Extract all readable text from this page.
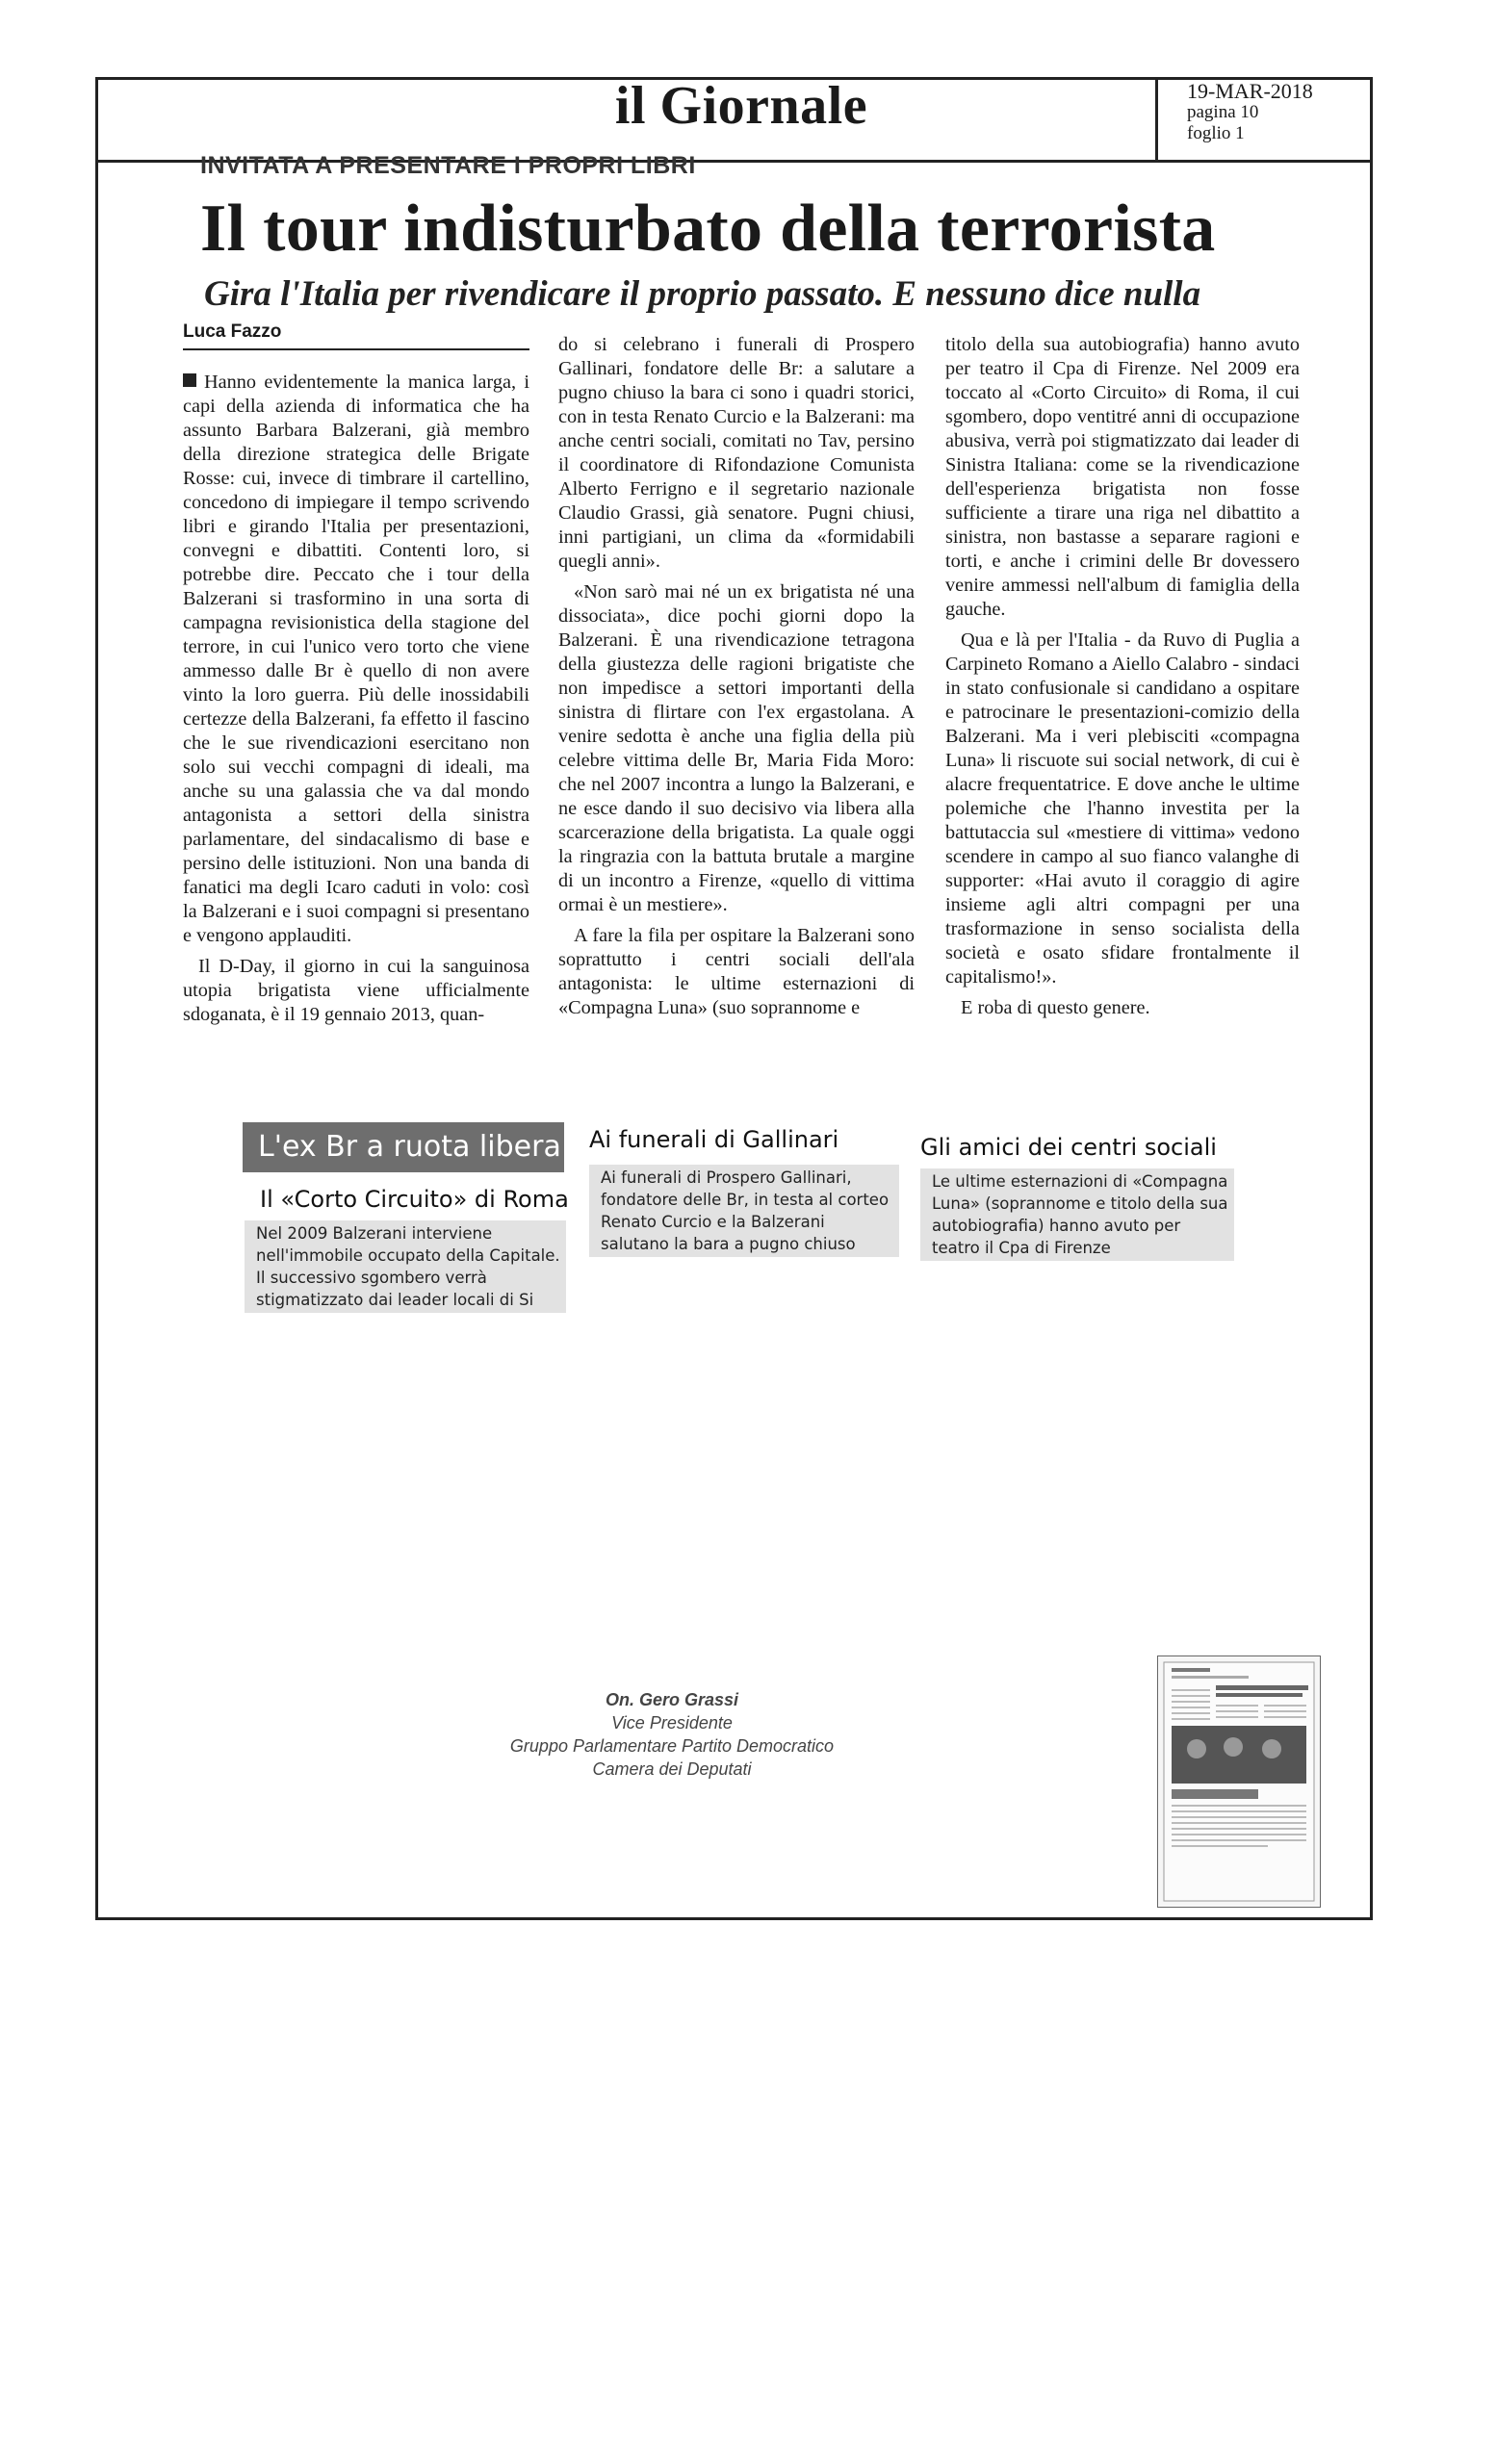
il Giornale	19-MAR-2018
pagina 10
foglio 1
INVITATA A PRESENTARE I PROPRI LIBRI
Il tour indisturbato della terrorista
Gira l'Italia per rivendicare il proprio passato. E nessuno dice nulla
Luca Fazzo

Hanno evidentemente la manica larga, i capi della azienda di informatica che ha assunto Barbara Balzerani, già membro della direzione strategica delle Brigate Rosse: cui, invece di timbrare il cartellino, concedono di impiegare il tempo scrivendo libri e girando l'Italia per presentazioni, convegni e dibattiti. Contenti loro, si potrebbe dire. Peccato che i tour della Balzerani si trasformino in una sorta di campagna revisionistica della stagione del terrore, in cui l'unico vero torto che viene ammesso dalle Br è quello di non avere vinto la loro guerra. Più delle inossidabili certezze della Balzerani, fa effetto il fascino che le sue rivendicazioni esercitano non solo sui vecchi compagni di ideali, ma anche su una galassia che va dal mondo antagonista a settori della sinistra parlamentare, del sindacalismo di base e persino delle istituzioni. Non una banda di fanatici ma degli Icaro caduti in volo: così la Balzerani e i suoi compagni si presentano e vengono applauditi.

Il D-Day, il giorno in cui la sanguinosa utopia brigatista viene ufficialmente sdoganata, è il 19 gennaio 2013, quan-

do si celebrano i funerali di Prospero Gallinari, fondatore delle Br: a salutare a pugno chiuso la bara ci sono i quadri storici, con in testa Renato Curcio e la Balzerani: ma anche centri sociali, comitati no Tav, persino il coordinatore di Rifondazione Comunista Alberto Ferrigno e il segretario nazionale Claudio Grassi, già senatore. Pugni chiusi, inni partigiani, un clima da «formidabili quegli anni».

«Non sarò mai né un ex brigatista né una dissociata», dice pochi giorni dopo la Balzerani. È una rivendicazione tetragona della giustezza delle ragioni brigatiste che non impedisce a settori importanti della sinistra di flirtare con l'ex ergastolana. A venire sedotta è anche una figlia della più celebre vittima delle Br, Maria Fida Moro: che nel 2007 incontra a lungo la Balzerani, e ne esce dando il suo decisivo via libera alla scarcerazione della brigatista. La quale oggi la ringrazia con la battuta brutale a margine di un incontro a Firenze, «quello di vittima ormai è un mestiere».

A fare la fila per ospitare la Balzerani sono soprattutto i centri sociali dell'ala antagonista: le ultime esternazioni di «Compagna Luna» (suo soprannome e

titolo della sua autobiografia) hanno avuto per teatro il Cpa di Firenze. Nel 2009 era toccato al «Corto Circuito» di Roma, il cui sgombero, dopo ventitré anni di occupazione abusiva, verrà poi stigmatizzato dai leader di Sinistra Italiana: come se la rivendicazione dell'esperienza brigatista non fosse sufficiente a tirare una riga nel dibattito a sinistra, non bastasse a separare ragioni e torti, e anche i crimini delle Br dovessero venire ammessi nell'album di famiglia della gauche.

Qua e là per l'Italia - da Ruvo di Puglia a Carpineto Romano a Aiello Calabro - sindaci in stato confusionale si candidano a ospitare e patrocinare le presentazioni-comizio della Balzerani. Ma i veri plebisciti «compagna Luna» li riscuote sui social network, di cui è alacre frequentatrice. E dove anche le ultime polemiche che l'hanno investita per la battutaccia sul «mestiere di vittima» vedono scendere in campo al suo fianco valanghe di supporter: «Hai avuto il coraggio di agire insieme agli altri compagni per una trasformazione in senso socialista della società e osato sfidare frontalmente il capitalismo!».

E roba di questo genere.

L'ex Br a ruota libera
Il «Corto Circuito» di Roma
Nel 2009 Balzerani interviene nell'immobile occupato della Capitale. Il successivo sgombero verrà stigmatizzato dai leader locali di Si
Ai funerali di Gallinari
Ai funerali di Prospero Gallinari, fondatore delle Br, in testa al corteo Renato Curcio e la Balzerani salutano la bara a pugno chiuso
Gli amici dei centri sociali
Le ultime esternazioni di «Compagna Luna» (soprannome e titolo della sua autobiografia) hanno avuto per teatro il Cpa di Firenze
On. Gero Grassi
Vice Presidente
Gruppo Parlamentare Partito Democratico
Camera dei Deputati
